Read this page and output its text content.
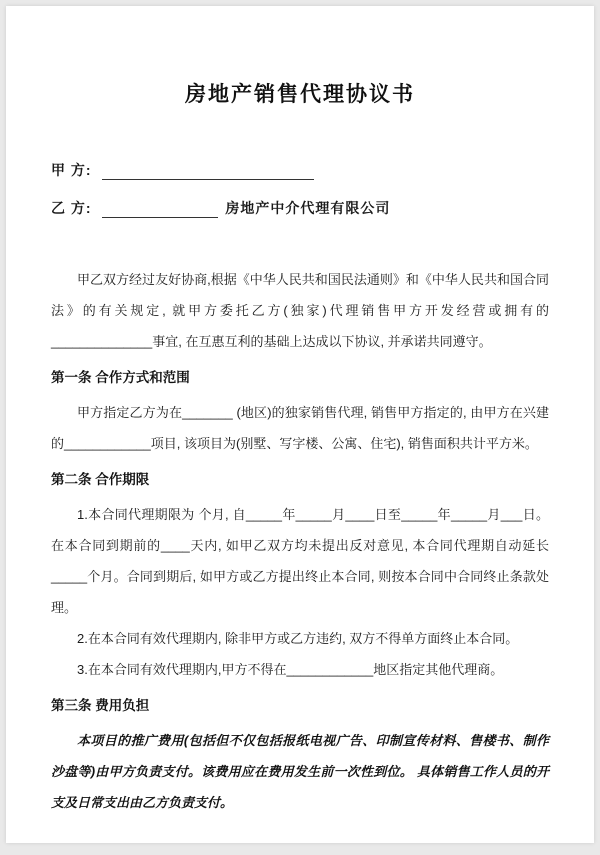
房地产销售代理协议书
甲 方:
乙 方:	房地产中介代理有限公司

甲乙双方经过友好协商,根据《中华人民共和国民法通则》和《中华人民共和国合同法》的有关规定, 就甲方委托乙方(独家)代理销售甲方开发经营或拥有的______________事宜, 在互惠互利的基础上达成以下协议, 并承诺共同遵守。

第一条 合作方式和范围

甲方指定乙方为在_______ (地区)的独家销售代理, 销售甲方指定的, 由甲方在兴建的____________项目, 该项目为(别墅、写字楼、公寓、住宅), 销售面积共计平方米。

第二条 合作期限

1.本合同代理期限为 个月, 自_____年_____月____日至_____年_____月___日。在本合同到期前的____天内, 如甲乙双方均未提出反对意见, 本合同代理期自动延长_____个月。合同到期后, 如甲方或乙方提出终止本合同, 则按本合同中合同终止条款处理。

2.在本合同有效代理期内, 除非甲方或乙方违约, 双方不得单方面终止本合同。

3.在本合同有效代理期内,甲方不得在____________地区指定其他代理商。

第三条 费用负担

本项目的推广费用(包括但不仅包括报纸电视广告、印制宣传材料、售楼书、制作沙盘等)由甲方负责支付。该费用应在费用发生前一次性到位。 具体销售工作人员的开支及日常支出由乙方负责支付。
